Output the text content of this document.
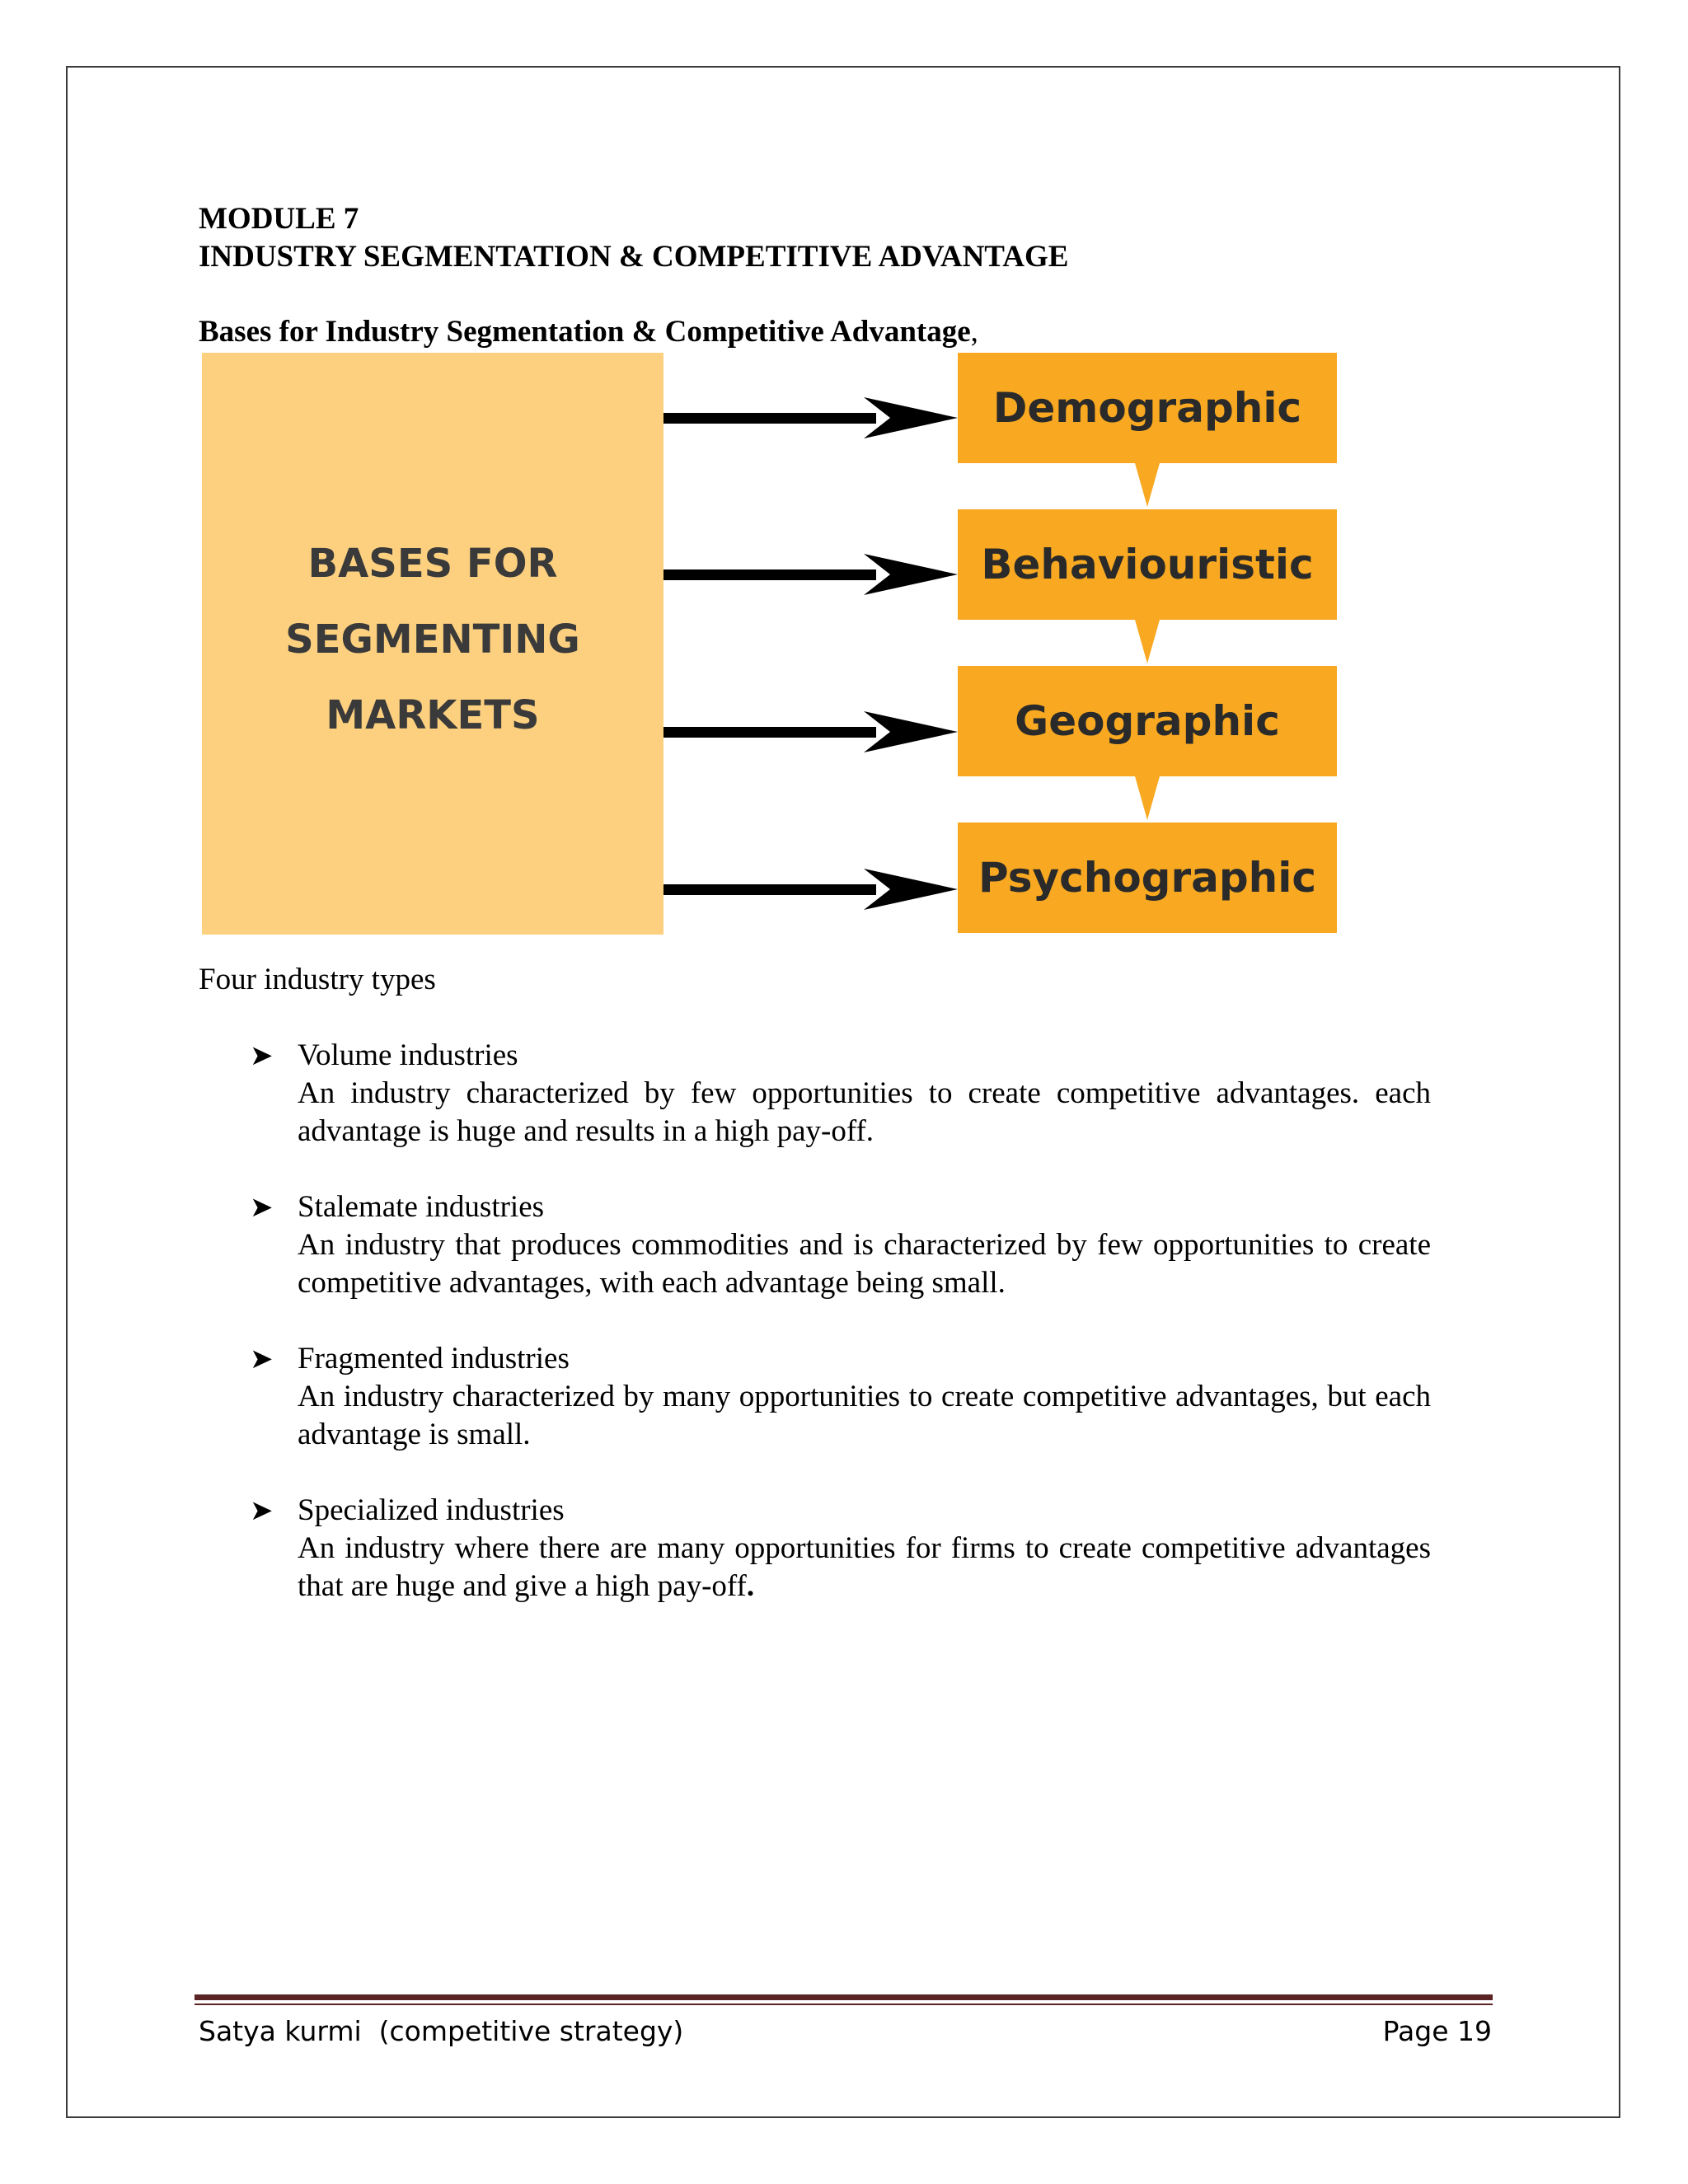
MODULE 7
INDUSTRY SEGMENTATION & COMPETITIVE ADVANTAGE
Bases for Industry Segmentation & Competitive Advantage,
BASES FOR
SEGMENTING
MARKETS
Demographic
Behaviouristic
Geographic
Psychographic
Four industry types
➤ Volume industries
An industry characterized by few opportunities to create competitive advantages. each advantage is huge and results in a high pay-off.
➤ Stalemate industries
An industry that produces commodities and is characterized by few opportunities to create competitive advantages, with each advantage being small.
➤ Fragmented industries
An industry characterized by many opportunities to create competitive advantages, but each advantage is small.
➤ Specialized industries
An industry where there are many opportunities for firms to create competitive advantages that are huge and give a high pay-off.
Satya kurmi  (competitive strategy)	Page 19
